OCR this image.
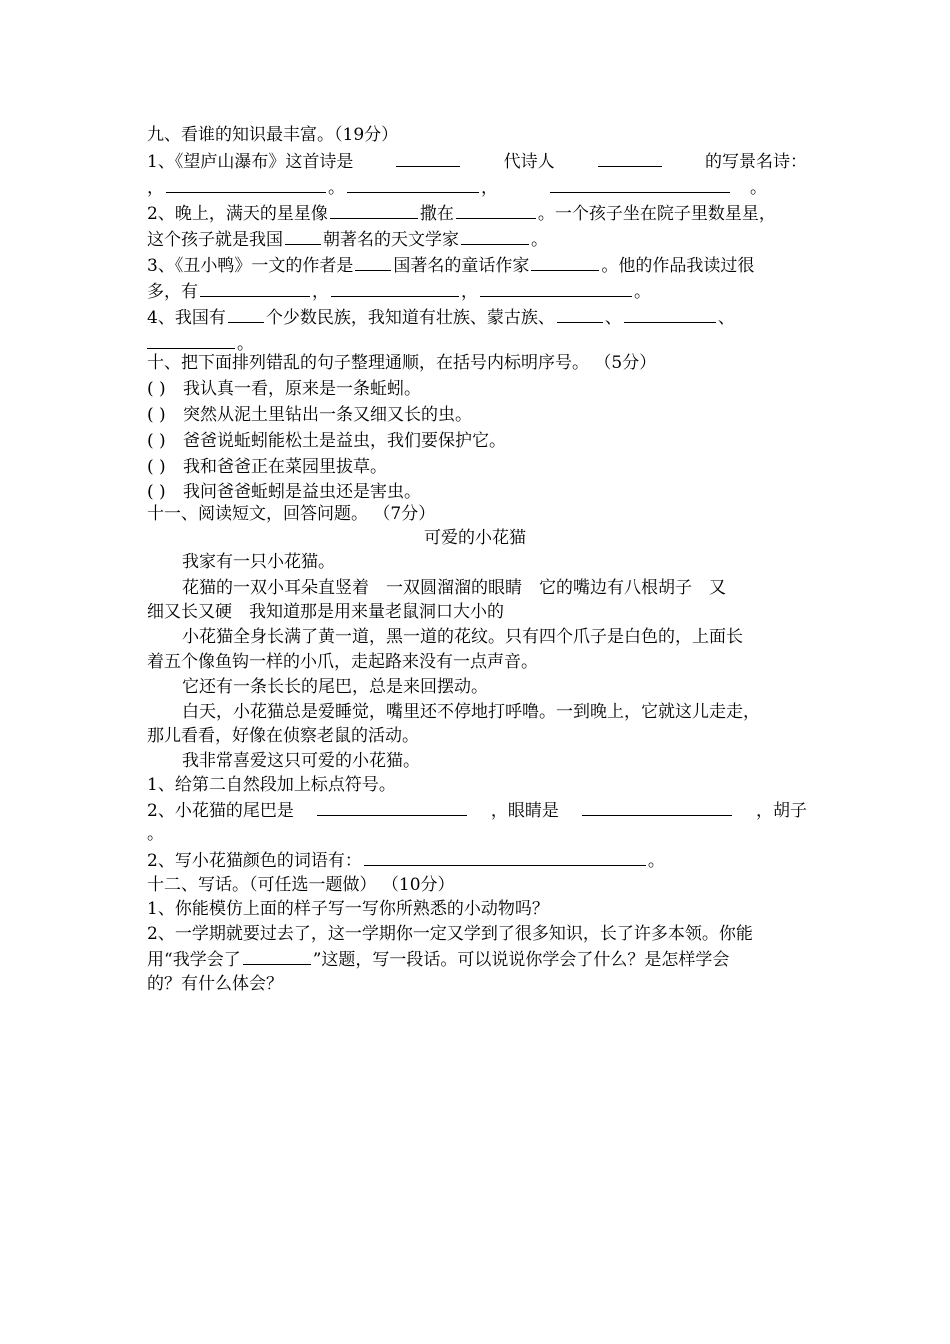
九、看谁的知识最丰富。（19分）
1、《望庐山瀑布》这首诗是	代诗人	的写景名诗：
，	。	，	。
2、晚上，满天的星星像	撒在	。一个孩子坐在院子里数星星，
这个孩子就是我国 朝著名的天文学家	。
3、《丑小鸭》一文的作者是 国著名的童话作家	。他的作品我读过很
多，有	，	，	。
4、我国有 个少数民族，我知道有壮族、蒙古族、	、	、
。
十、把下面排列错乱的句子整理通顺，在括号内标明序号。 （5分）
( ) 我认真一看，原来是一条蚯蚓。
( ) 突然从泥土里钻出一条又细又长的虫。
( ) 爸爸说蚯蚓能松土是益虫，我们要保护它。
( ) 我和爸爸正在菜园里拔草。
( ) 我问爸爸蚯蚓是益虫还是害虫。
十一、阅读短文，回答问题。 （7分）
可爱的小花猫
我家有一只小花猫。
花猫的一双小耳朵直竖着　一双圆溜溜的眼睛　它的嘴边有八根胡子　又
细又长又硬　我知道那是用来量老鼠洞口大小的
小花猫全身长满了黄一道，黑一道的花纹。只有四个爪子是白色的，上面长
着五个像鱼钩一样的小爪，走起路来没有一点声音。
它还有一条长长的尾巴，总是来回摆动。
白天，小花猫总是爱睡觉，嘴里还不停地打呼噜。一到晚上，它就这儿走走，
那儿看看，好像在侦察老鼠的活动。
我非常喜爱这只可爱的小花猫。
1、给第二自然段加上标点符号。
2、小花猫的尾巴是	，眼睛是	，胡子
。
2、写小花猫颜色的词语有：	。
十二、写话。（可任选一题做） （10分）
1、你能模仿上面的样子写一写你所熟悉的小动物吗？
2、一学期就要过去了，这一学期你一定又学到了很多知识，长了许多本领。你能
用“我学会了	”这题，写一段话。可以说说你学会了什么？是怎样学会
的？有什么体会？
